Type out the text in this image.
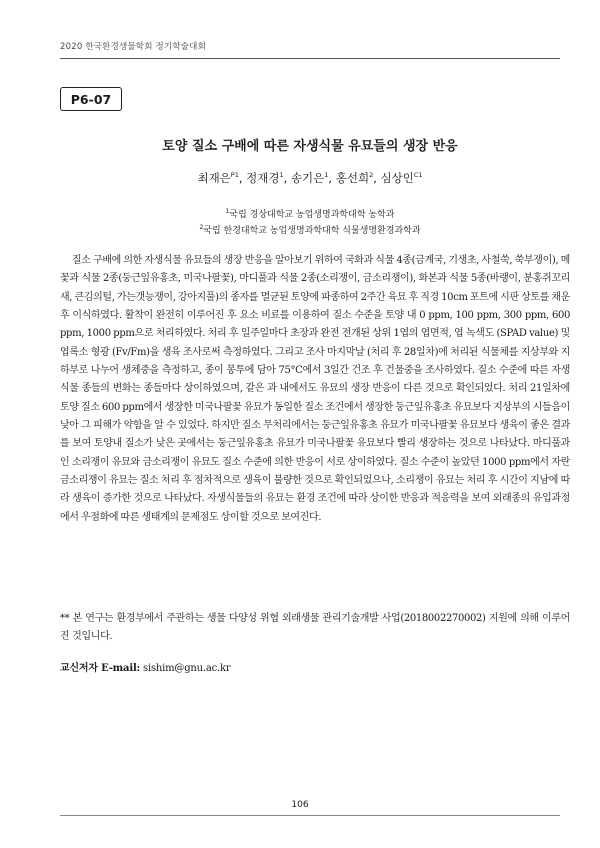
2020 한국환경생물학회 정기학술대회
P6-07
토양 질소 구배에 따른 자생식물 유묘들의 생장 반응
최재은$^{P1}$, 정재경$^1$, 송기은$^1$, 홍선희$^2$, 심상인$^{C1}$
$^1$국립 경상대학교 농업생명과학대학 농학과
$^2$국립 한경대학교 농업생명과학대학 식물생명환경과학과

질소 구배에 의한 자생식물 유묘들의 생장 반응을 알아보기 위하여 국화과 식물 4종(금계국, 기생초, 사철쑥, 쑥부쟁이), 메꽃과 식물 2종(둥근잎유홍초, 미국나팔꽃), 마디풀과 식물 2종(소리쟁이, 금소리쟁이), 화본과 식물 5종(바랭이, 분홍쥐꼬리새, 큰김의털, 가는갯능쟁이, 강아지풀)의 종자를 멸균된 토양에 파종하여 2주간 육묘 후 직경 10cm 포트에 시판 상토를 채운 후 이식하였다. 활착이 완전히 이루어진 후 요소 비료를 이용하여 질소 수준을 토양 내 0 ppm, 100 ppm, 300 ppm, 600 ppm, 1000 ppm으로 처리하였다. 처리 후 일주일마다 초장과 완전 전개된 상위 1엽의 엽면적, 엽 녹색도 (SPAD value) 및 엽록소 형광 (Fv/Fm)을 생육 조사로써 측정하였다. 그리고 조사 마지막날 (처리 후 28일차)에 처리된 식물체를 지상부와 지하부로 나누어 생체중을 측정하고, 종이 봉투에 담아 75°C에서 3일간 건조 후 건물중을 조사하였다. 질소 수준에 따른 자생식물 종들의 변화는 종들마다 상이하였으며, 같은 과 내에서도 유묘의 생장 반응이 다른 것으로 확인되었다. 처리 21일차에 토양 질소 600 ppm에서 생장한 미국나팔꽃 유묘가 동일한 질소 조건에서 생장한 둥근잎유홍초 유묘보다 지상부의 시들음이 낮아 그 피해가 약함을 알 수 있었다. 하지만 질소 무처리에서는 둥근잎유홍초 유묘가 미국나팔꽃 유묘보다 생육이 좋은 결과를 보여 토양내 질소가 낮은 곳에서는 둥근잎유홍초 유묘가 미국나팔꽃 유묘보다 빨리 생장하는 것으로 나타났다. 마디풀과인 소리쟁이 유묘와 금소리쟁이 유묘도 질소 수준에 의한 반응이 서로 상이하였다. 질소 수준이 높았던 1000 ppm에서 자란 금소리쟁이 유묘는 질소 처리 후 점차적으로 생육이 불량한 것으로 확인되었으나, 소리쟁이 유묘는 처리 후 시간이 지남에 따라 생육이 증가한 것으로 나타났다. 자생식물들의 유묘는 환경 조건에 따라 상이한 반응과 적응력을 보여 외래종의 유입과정에서 우점화에 따른 생태계의 문제점도 상이할 것으로 보여진다.

** 본 연구는 환경부에서 주관하는 생물 다양성 위협 외래생물 관리기술개발 사업(2018002270002) 지원에 의해 이루어진 것입니다.

교신저자 E-mail: sishim@gnu.ac.kr
106
